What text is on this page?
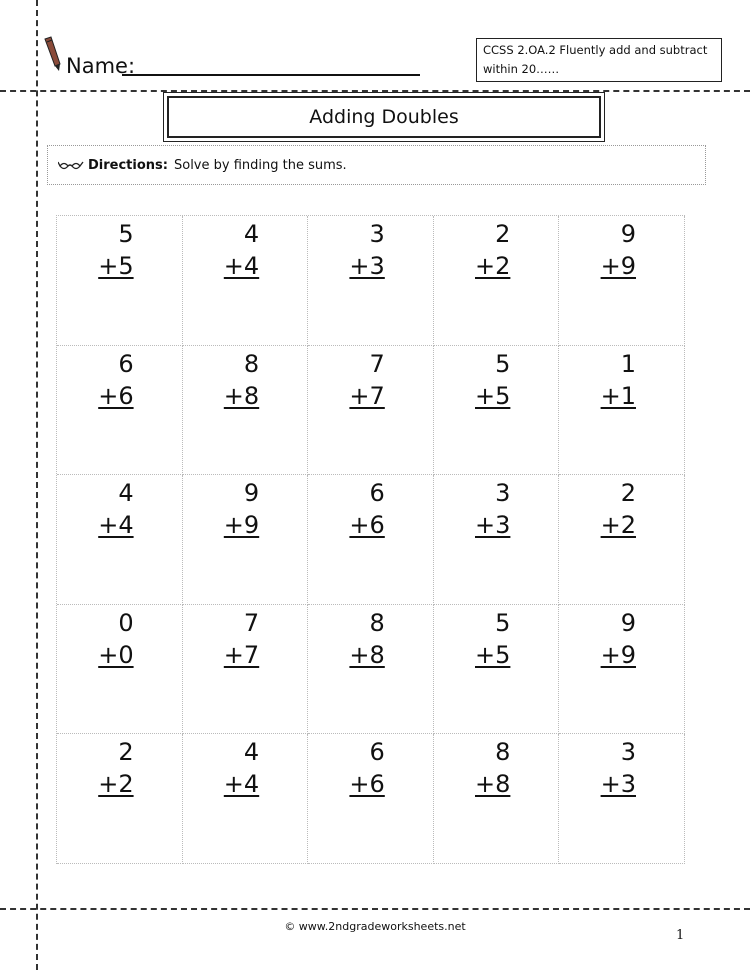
Name:
CCSS 2.OA.2 Fluently add and subtract within 20……
Adding Doubles
Directions: Solve by finding the sums.
5
+5
4
+4
3
+3
2
+2
9
+9
6
+6
8
+8
7
+7
5
+5
1
+1
4
+4
9
+9
6
+6
3
+3
2
+2
0
+0
7
+7
8
+8
5
+5
9
+9
2
+2
4
+4
6
+6
8
+8
3
+3
© www.2ndgradeworksheets.net
1
